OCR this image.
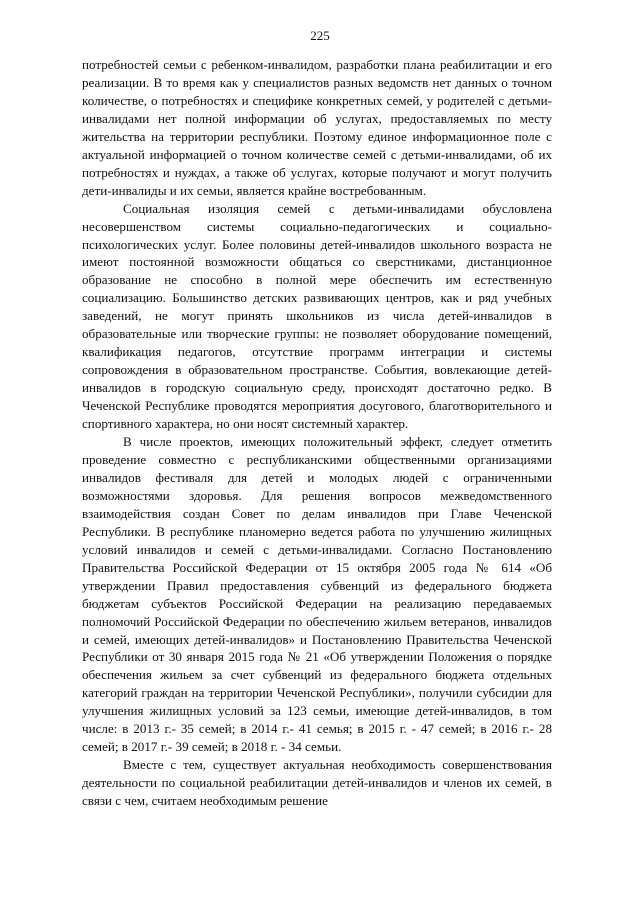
225

потребностей семьи с ребенком-инвалидом, разработки плана реабилитации и его реализации. В то время как у специалистов разных ведомств нет данных о точном количестве, о потребностях и специфике конкретных семей, у родителей с детьми-инвалидами нет полной информации об услугах, предоставляемых по месту жительства на территории республики. Поэтому единое информационное поле с актуальной информацией о точном количестве семей с детьми-инвалидами, об их потребностях и нуждах, а также об услугах, которые получают и могут получить дети-инвалиды и их семьи, является крайне востребованным.

Социальная изоляция семей с детьми-инвалидами обусловлена несовершенством системы социально-педагогических и социально-психологических услуг. Более половины детей-инвалидов школьного возраста не имеют постоянной возможности общаться со сверстниками, дистанционное образование не способно в полной мере обеспечить им естественную социализацию. Большинство детских развивающих центров, как и ряд учебных заведений, не могут принять школьников из числа детей-инвалидов в образовательные или творческие группы: не позволяет оборудование помещений, квалификация педагогов, отсутствие программ интеграции и системы сопровождения в образовательном пространстве. События, вовлекающие детей-инвалидов в городскую социальную среду, происходят достаточно редко. В Чеченской Республике проводятся мероприятия досугового, благотворительного и спортивного характера, но они носят системный характер.

В числе проектов, имеющих положительный эффект, следует отметить проведение совместно с республиканскими общественными организациями инвалидов фестиваля для детей и молодых людей с ограниченными возможностями здоровья. Для решения вопросов межведомственного взаимодействия создан Совет по делам инвалидов при Главе Чеченской Республики. В республике планомерно ведется работа по улучшению жилищных условий инвалидов и семей с детьми-инвалидами. Согласно Постановлению Правительства Российской Федерации от 15 октября 2005 года № 614 «Об утверждении Правил предоставления субвенций из федерального бюджета бюджетам субъектов Российской Федерации на реализацию передаваемых полномочий Российской Федерации по обеспечению жильем ветеранов, инвалидов и семей, имеющих детей-инвалидов» и Постановлению Правительства Чеченской Республики от 30 января 2015 года № 21 «Об утверждении Положения о порядке обеспечения жильем за счет субвенций из федерального бюджета отдельных категорий граждан на территории Чеченской Республики», получили субсидии для улучшения жилищных условий за 123 семьи, имеющие детей-инвалидов, в том числе: в 2013 г.- 35 семей; в 2014 г.- 41 семья; в 2015 г. - 47 семей; в 2016 г.- 28 семей; в 2017 г.- 39 семей; в 2018 г. - 34 семьи.

Вместе с тем, существует актуальная необходимость совершенствования деятельности по социальной реабилитации детей-инвалидов и членов их семей, в связи с чем, считаем необходимым решение
